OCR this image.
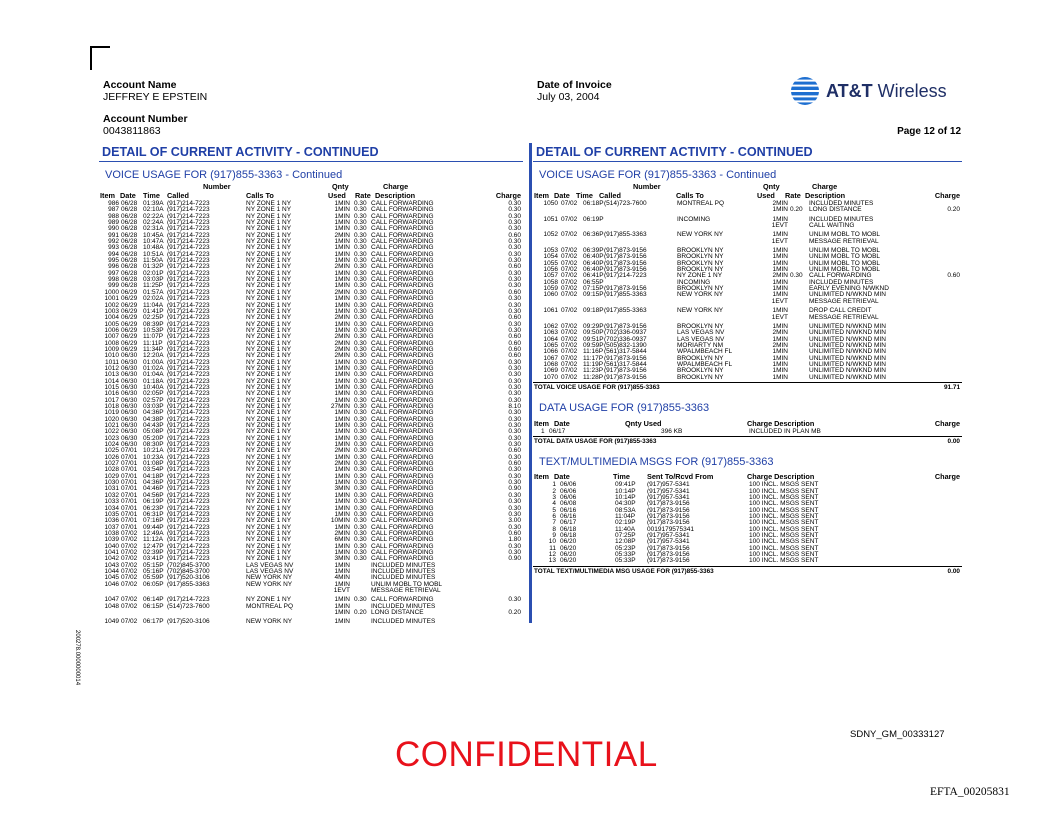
Account Name
JEFFREY E EPSTEIN
Account Number
0043811863
Date of Invoice
July 03, 2004	AT&T Wireless
Page 12 of 12
DETAIL OF CURRENT ACTIVITY - CONTINUED
VOICE USAGE FOR (917)855-3363 - Continued
Number	Qnty	Charge
Item Date Time Called	Calls To	Used Rate Description	Charge
986 06/28 01:39A (917)214-7223	NY ZONE 1 NY	1MIN 0.30 CALL FORWARDING	0.30
987 06/28 02:10A (917)214-7223	NY ZONE 1 NY	1MIN 0.30 CALL FORWARDING	0.30
988 06/28 02:22A (917)214-7223	NY ZONE 1 NY	1MIN 0.30 CALL FORWARDING	0.30
989 06/28 02:24A (917)214-7223	NY ZONE 1 NY	1MIN 0.30 CALL FORWARDING	0.30
990 06/28 02:31A (917)214-7223	NY ZONE 1 NY	1MIN 0.30 CALL FORWARDING	0.30
991 06/28 10:45A (917)214-7223	NY ZONE 1 NY	2MIN 0.30 CALL FORWARDING	0.60
992 06/28 10:47A (917)214-7223	NY ZONE 1 NY	1MIN 0.30 CALL FORWARDING	0.30
993 06/28 10:48A (917)214-7223	NY ZONE 1 NY	1MIN 0.30 CALL FORWARDING	0.30
994 06/28 10:51A (917)214-7223	NY ZONE 1 NY	1MIN 0.30 CALL FORWARDING	0.30
995 06/28 11:50A (917)214-7223	NY ZONE 1 NY	1MIN 0.30 CALL FORWARDING	0.30
996 06/28 01:32P (917)214-7223	NY ZONE 1 NY	2MIN 0.30 CALL FORWARDING	0.60
997 06/28 02:01P (917)214-7223	NY ZONE 1 NY	1MIN 0.30 CALL FORWARDING	0.30
998 06/28 03:03P (917)214-7223	NY ZONE 1 NY	1MIN 0.30 CALL FORWARDING	0.30
999 06/28 11:25P (917)214-7223	NY ZONE 1 NY	1MIN 0.30 CALL FORWARDING	0.30
1000 06/29 01:57A (917)214-7223	NY ZONE 1 NY	2MIN 0.30 CALL FORWARDING	0.60
1001 06/29 02:02A (917)214-7223	NY ZONE 1 NY	1MIN 0.30 CALL FORWARDING	0.30
1002 06/29 11:04A (917)214-7223	NY ZONE 1 NY	1MIN 0.30 CALL FORWARDING	0.30
1003 06/29 01:41P (917)214-7223	NY ZONE 1 NY	1MIN 0.30 CALL FORWARDING	0.30
1004 06/29 02:25P (917)214-7223	NY ZONE 1 NY	2MIN 0.30 CALL FORWARDING	0.60
1005 06/29 08:39P (917)214-7223	NY ZONE 1 NY	1MIN 0.30 CALL FORWARDING	0.30
1006 06/29 10:53P (917)214-7223	NY ZONE 1 NY	1MIN 0.30 CALL FORWARDING	0.30
1007 06/29 11:07P (917)214-7223	NY ZONE 1 NY	2MIN 0.30 CALL FORWARDING	0.60
1008 06/29 11:11P (917)214-7223	NY ZONE 1 NY	2MIN 0.30 CALL FORWARDING	0.60
1009 06/29 11:34P (917)214-7223	NY ZONE 1 NY	2MIN 0.30 CALL FORWARDING	0.60
1010 06/30 12:20A (917)214-7223	NY ZONE 1 NY	2MIN 0.30 CALL FORWARDING	0.60
1011 06/30 01:00A (917)214-7223	NY ZONE 1 NY	1MIN 0.30 CALL FORWARDING	0.30
1012 06/30 01:02A (917)214-7223	NY ZONE 1 NY	1MIN 0.30 CALL FORWARDING	0.30
1013 06/30 01:04A (917)214-7223	NY ZONE 1 NY	1MIN 0.30 CALL FORWARDING	0.30
1014 06/30 01:18A (917)214-7223	NY ZONE 1 NY	1MIN 0.30 CALL FORWARDING	0.30
1015 06/30 10:40A (917)214-7223	NY ZONE 1 NY	1MIN 0.30 CALL FORWARDING	0.30
1016 06/30 02:05P (917)214-7223	NY ZONE 1 NY	1MIN 0.30 CALL FORWARDING	0.30
1017 06/30 02:57P (917)214-7223	NY ZONE 1 NY	1MIN 0.30 CALL FORWARDING	0.30
1018 06/30 03:03P (917)214-7223	NY ZONE 1 NY	27MIN 0.30 CALL FORWARDING	8.10
1019 06/30 04:36P (917)214-7223	NY ZONE 1 NY	1MIN 0.30 CALL FORWARDING	0.30
1020 06/30 04:38P (917)214-7223	NY ZONE 1 NY	1MIN 0.30 CALL FORWARDING	0.30
1021 06/30 04:43P (917)214-7223	NY ZONE 1 NY	1MIN 0.30 CALL FORWARDING	0.30
1022 06/30 05:08P (917)214-7223	NY ZONE 1 NY	1MIN 0.30 CALL FORWARDING	0.30
1023 06/30 05:20P (917)214-7223	NY ZONE 1 NY	1MIN 0.30 CALL FORWARDING	0.30
1024 06/30 08:30P (917)214-7223	NY ZONE 1 NY	1MIN 0.30 CALL FORWARDING	0.30
1025 07/01 10:21A (917)214-7223	NY ZONE 1 NY	2MIN 0.30 CALL FORWARDING	0.60
1026 07/01 10:23A (917)214-7223	NY ZONE 1 NY	1MIN 0.30 CALL FORWARDING	0.30
1027 07/01 01:08P (917)214-7223	NY ZONE 1 NY	2MIN 0.30 CALL FORWARDING	0.60
1028 07/01 03:54P (917)214-7223	NY ZONE 1 NY	1MIN 0.30 CALL FORWARDING	0.30
1029 07/01 04:18P (917)214-7223	NY ZONE 1 NY	1MIN 0.30 CALL FORWARDING	0.30
1030 07/01 04:36P (917)214-7223	NY ZONE 1 NY	1MIN 0.30 CALL FORWARDING	0.30
1031 07/01 04:46P (917)214-7223	NY ZONE 1 NY	3MIN 0.30 CALL FORWARDING	0.90
1032 07/01 04:56P (917)214-7223	NY ZONE 1 NY	1MIN 0.30 CALL FORWARDING	0.30
1033 07/01 06:19P (917)214-7223	NY ZONE 1 NY	1MIN 0.30 CALL FORWARDING	0.30
1034 07/01 06:23P (917)214-7223	NY ZONE 1 NY	1MIN 0.30 CALL FORWARDING	0.30
1035 07/01 06:31P (917)214-7223	NY ZONE 1 NY	1MIN 0.30 CALL FORWARDING	0.30
1036 07/01 07:16P (917)214-7223	NY ZONE 1 NY	10MIN 0.30 CALL FORWARDING	3.00
1037 07/01 09:44P (917)214-7223	NY ZONE 1 NY	1MIN 0.30 CALL FORWARDING	0.30
1038 07/02 12:49A (917)214-7223	NY ZONE 1 NY	2MIN 0.30 CALL FORWARDING	0.60
1039 07/02 11:12A (917)214-7223	NY ZONE 1 NY	6MIN 0.30 CALL FORWARDING	1.80
1040 07/02 12:47P (917)214-7223	NY ZONE 1 NY	1MIN 0.30 CALL FORWARDING	0.30
1041 07/02 02:39P (917)214-7223	NY ZONE 1 NY	1MIN 0.30 CALL FORWARDING	0.30
1042 07/02 03:41P (917)214-7223	NY ZONE 1 NY	3MIN 0.30 CALL FORWARDING	0.90
1043 07/02 05:15P (702)845-3700	LAS VEGAS NV	1MIN	INCLUDED MINUTES
1044 07/02 05:16P (702)845-3700	LAS VEGAS NV	1MIN	INCLUDED MINUTES
1045 07/02 05:59P (917)520-3106	NEW YORK NY	4MIN	INCLUDED MINUTES
1046 07/02 06:05P (917)855-3363	NEW YORK NY	1MIN	UNLIM MOBL TO MOBL
1EVT	MESSAGE RETRIEVAL
1047 07/02 06:14P (917)214-7223	NY ZONE 1 NY	1MIN 0.30 CALL FORWARDING	0.30
1048 07/02 06:15P (514)723-7600	MONTREAL PQ	1MIN	INCLUDED MINUTES
1MIN 0.20 LONG DISTANCE	0.20
1049 07/02 06:17P (917)520-3106	NEW YORK NY	1MIN	INCLUDED MINUTES
DETAIL OF CURRENT ACTIVITY - CONTINUED
VOICE USAGE FOR (917)855-3363 - Continued
Number	Qnty	Charge
Item Date Time Called	Calls To	Used Rate Description	Charge
1050 07/02 06:18P (514)723-7600	MONTREAL PQ	2MIN	INCLUDED MINUTES
1MIN 0.20 LONG DISTANCE	0.20
1051 07/02 06:19P	INCOMING	1MIN	INCLUDED MINUTES
1EVT	CALL WAITING
1052 07/02 06:36P (917)855-3363	NEW YORK NY	1MIN	UNLIM MOBL TO MOBL
1EVT	MESSAGE RETRIEVAL
1053 07/02 06:39P (917)873-9156	BROOKLYN NY	1MIN	UNLIM MOBL TO MOBL
1054 07/02 06:40P (917)873-9156	BROOKLYN NY	1MIN	UNLIM MOBL TO MOBL
1055 07/02 06:40P (917)873-9156	BROOKLYN NY	1MIN	UNLIM MOBL TO MOBL
1056 07/02 06:40P (917)873-9156	BROOKLYN NY	1MIN	UNLIM MOBL TO MOBL
1057 07/02 06:41P (917)214-7223	NY ZONE 1 NY	2MIN 0.30 CALL FORWARDING	0.60
1058 07/02 06:55P	INCOMING	1MIN	INCLUDED MINUTES
1059 07/02 07:15P (917)873-9156	BROOKLYN NY	1MIN	EARLY EVENING N/WKND
1060 07/02 09:15P (917)855-3363	NEW YORK NY	1MIN	UNLIMITED N/WKND MIN
1EVT	MESSAGE RETRIEVAL
1061 07/02 09:18P (917)855-3363	NEW YORK NY	1MIN	DROP CALL CREDIT
1EVT	MESSAGE RETRIEVAL
1062 07/02 09:29P (917)873-9156	BROOKLYN NY	1MIN	UNLIMITED N/WKND MIN
1063 07/02 09:50P (702)336-0937	LAS VEGAS NV	2MIN	UNLIMITED N/WKND MIN
1064 07/02 09:51P (702)336-0937	LAS VEGAS NV	1MIN	UNLIMITED N/WKND MIN
1065 07/02 09:59P (505)832-1390	MORIARTY NM	2MIN	UNLIMITED N/WKND MIN
1066 07/02 11:16P (561)317-5844	WPALMBEACH FL	1MIN	UNLIMITED N/WKND MIN
1067 07/02 11:17P (917)873-9156	BROOKLYN NY	1MIN	UNLIMITED N/WKND MIN
1068 07/02 11:19P (561)317-5844	WPALMBEACH FL	1MIN	UNLIMITED N/WKND MIN
1069 07/02 11:23P (917)873-9156	BROOKLYN NY	1MIN	UNLIMITED N/WKND MIN
1070 07/02 11:28P (917)873-9156	BROOKLYN NY	1MIN	UNLIMITED N/WKND MIN
TOTAL VOICE USAGE FOR (917)855-3363	91.71
DATA USAGE FOR (917)855-3363
Item Date	Qnty Used	Charge Description	Charge
1 06/17	396 KB	INCLUDED IN PLAN MB
TOTAL DATA USAGE FOR (917)855-3363	0.00
TEXT/MULTIMEDIA MSGS FOR (917)855-3363
Item Date	Time Sent To/Rcvd From	Charge Description	Charge
1 06/06	09:41P (917)957-5341	100 INCL. MSGS SENT
2 06/06	10:14P (917)957-5341	100 INCL. MSGS SENT
3 06/06	10:14P (917)957-5341	100 INCL. MSGS SENT
4 06/08	04:30P (917)873-9156	100 INCL. MSGS SENT
5 06/16	08:53A (917)873-9156	100 INCL. MSGS SENT
6 06/16	11:04P (917)873-9156	100 INCL. MSGS SENT
7 06/17	02:19P (917)873-9156	100 INCL. MSGS SENT
8 06/18	11:40A 0019179575341	100 INCL. MSGS SENT
9 06/18	07:25P (917)957-5341	100 INCL. MSGS SENT
10 06/20	12:08P (917)957-5341	100 INCL. MSGS SENT
11 06/20	05:23P (917)873-9156	100 INCL. MSGS SENT
12 06/20	05:33P (917)873-9156	100 INCL. MSGS SENT
13 06/20	05:33P (917)873-9156	100 INCL. MSGS SENT
TOTAL TEXT/MULTIMEDIA MSG USAGE FOR (917)855-3363	0.00
200278.0000000014
SDNY_GM_00333127
CONFIDENTIAL
EFTA_00205831
